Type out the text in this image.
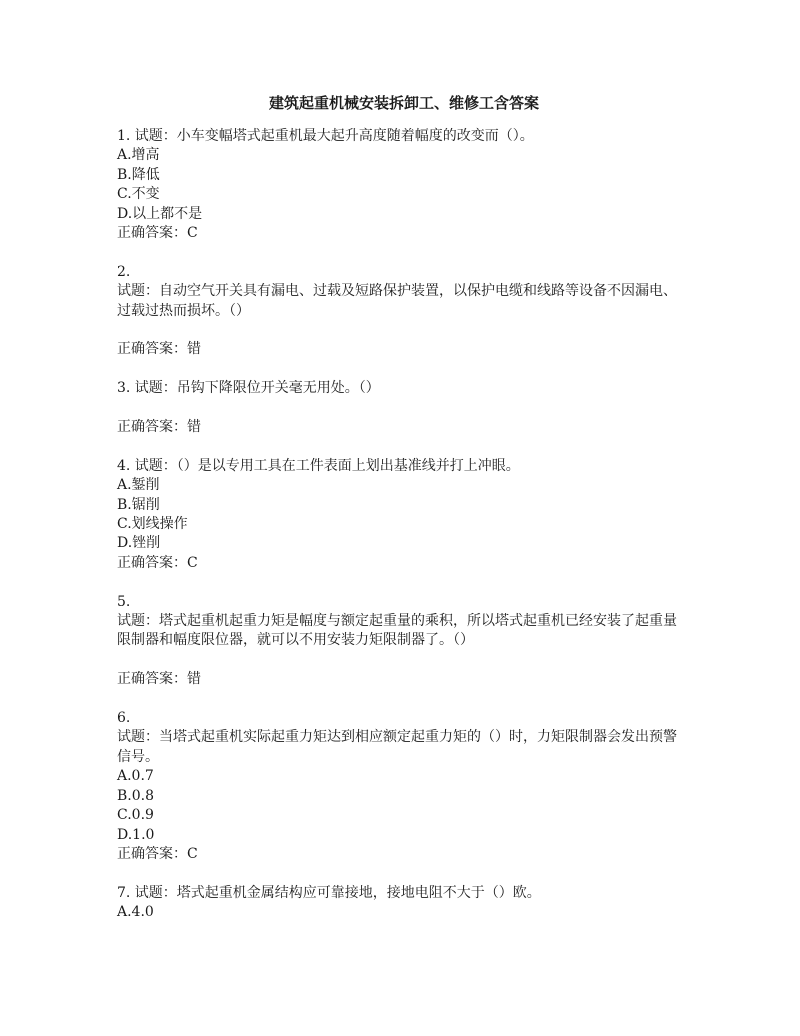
建筑起重机械安装拆卸工、维修工含答案

1. 试题：小车变幅塔式起重机最大起升高度随着幅度的改变而（）。

A.增高

B.降低

C.不变

D.以上都不是

正确答案：C

2.

试题：自动空气开关具有漏电、过载及短路保护装置，以保护电缆和线路等设备不因漏电、过载过热而损坏。（）

正确答案：错

3. 试题：吊钩下降限位开关毫无用处。（）

正确答案：错

4. 试题：（）是以专用工具在工件表面上划出基准线并打上冲眼。

A.錾削

B.锯削

C.划线操作

D.锉削

正确答案：C

5.

试题：塔式起重机起重力矩是幅度与额定起重量的乘积，所以塔式起重机已经安装了起重量限制器和幅度限位器，就可以不用安装力矩限制器了。（）

正确答案：错

6.

试题：当塔式起重机实际起重力矩达到相应额定起重力矩的（）时，力矩限制器会发出预警信号。

A.0.7

B.0.8

C.0.9

D.1.0

正确答案：C

7. 试题：塔式起重机金属结构应可靠接地，接地电阻不大于（）欧。

A.4.0
